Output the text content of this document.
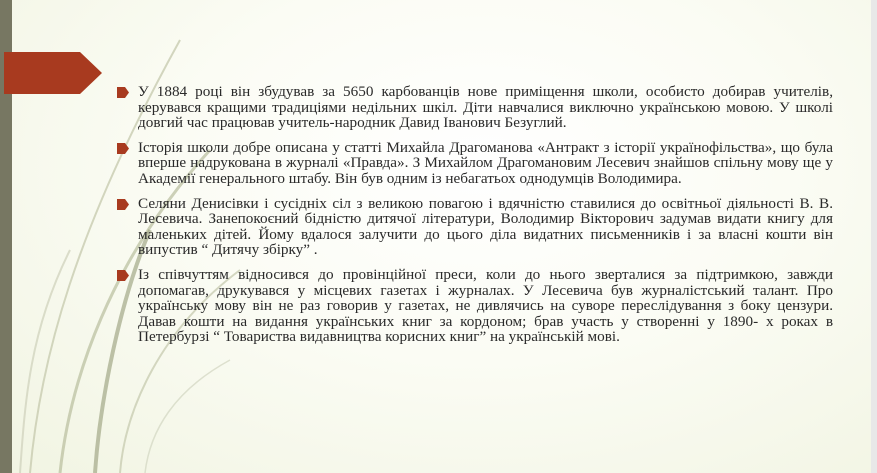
У 1884 році він збудував за 5650 карбованців нове приміщення школи, особисто добирав учителів, керувався кращими традиціями недільних шкіл. Діти навчалися виключно українською мовою. У школі довгий час працював учитель-народник Давид Іванович Безуглий.

Історія школи добре описана у статті Михайла Драгоманова «Антракт з історії українофільства», що була вперше надрукована в журналі «Правда». З Михайлом Драгомановим Лесевич знайшов спільну мову ще у Академії генерального штабу. Він був одним із небагатьох однодумців Володимира.

Селяни Денисівки і сусідніх сіл з великою повагою і вдячністю ставилися до освітньої діяльності В. В. Лесевича. Занепокоєний бідністю дитячої літератури, Володимир Вікторович задумав видати книгу для маленьких дітей. Йому вдалося залучити до цього діла видатних письменників і за власні кошти він випустив “ Дитячу збірку” .

Із співчуттям відносився до провінційної преси, коли до нього зверталися за підтримкою, завжди допомагав, друкувався у місцевих газетах і журналах. У Лесевича був журналістський талант. Про українську мову він не раз говорив у газетах, не дивлячись на суворе переслідування з боку цензури. Давав кошти на видання українських книг за кордоном; брав участь у створенні у 1890- х роках в Петербурзі “ Товариства видавництва корисних книг” на українській мові.
